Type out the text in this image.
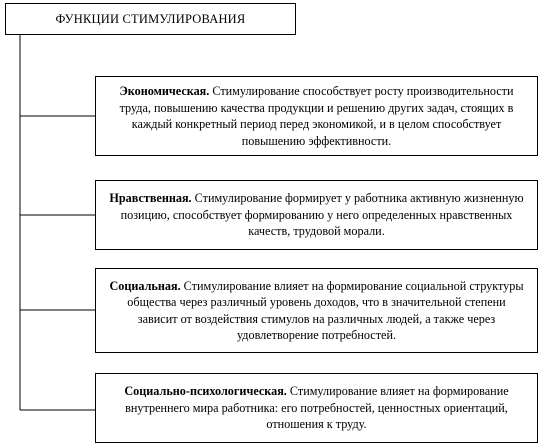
ФУНКЦИИ СТИМУЛИРОВАНИЯ
Экономическая. Стимулирование способствует росту производительности труда, повышению качества продукции и решению других задач, стоящих в каждый конкретный период перед экономикой, и в целом способствует повышению эффективности.
Нравственная. Стимулирование формирует у работника активную жизненную позицию, способствует формированию у него определенных нравственных качеств, трудовой морали.
Социальная. Стимулирование влияет на формирование социальной структуры общества через различный уровень доходов, что в значительной степени зависит от воздействия стимулов на различных людей, а также через удовлетворение потребностей.
Социально-психологическая. Стимулирование влияет на формирование внутреннего мира работника: его потребностей, ценностных ориентаций, отношения к труду.
